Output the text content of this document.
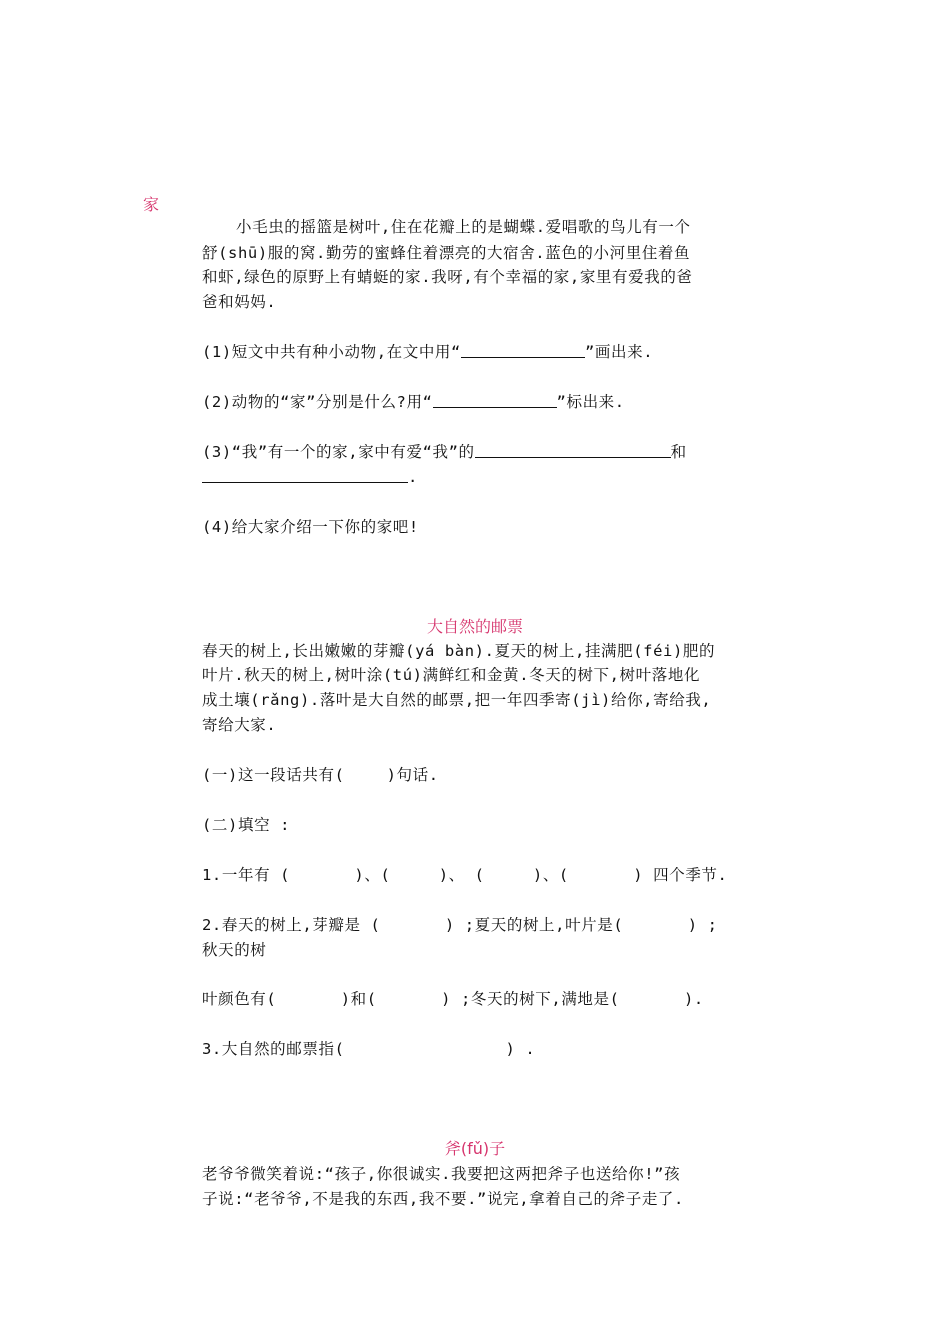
家
小毛虫的摇篮是树叶,住在花瓣上的是蝴蝶.爱唱歌的鸟儿有一个
舒(shū)服的窝.勤劳的蜜蜂住着漂亮的大宿舍.蓝色的小河里住着鱼
和虾,绿色的原野上有蜻蜓的家.我呀,有个幸福的家,家里有爱我的爸
爸和妈妈.
(1)短文中共有种小动物,在文中用“	”画出来.
(2)动物的“家”分别是什么?用“	”标出来.
(3)“我”有一个的家,家中有爱“我”的	和
.
(4)给大家介绍一下你的家吧!
大自然的邮票
春天的树上,长出嫩嫩的芽瓣(yá bàn).夏天的树上,挂满肥(féi)肥的
叶片.秋天的树上,树叶涂(tú)满鲜红和金黄.冬天的树下,树叶落地化
成土壤(rǎng).落叶是大自然的邮票,把一年四季寄(jì)给你,寄给我,
寄给大家.
(一)这一段话共有(　　 )句话.
(二)填空 :
1.一年有 (　　　　)、(　　　)、 (　　　)、(　　　　) 四个季节.
2.春天的树上,芽瓣是 (　　　　) ;夏天的树上,叶片是(　　　　) ;
秋天的树
叶颜色有(　　　　)和(　　　　) ;冬天的树下,满地是(　　　　).
3.大自然的邮票指(　　　　　　　　　　) .
斧(fǔ)子
老爷爷微笑着说:“孩子,你很诚实.我要把这两把斧子也送给你!”孩
子说:“老爷爷,不是我的东西,我不要.”说完,拿着自己的斧子走了.
